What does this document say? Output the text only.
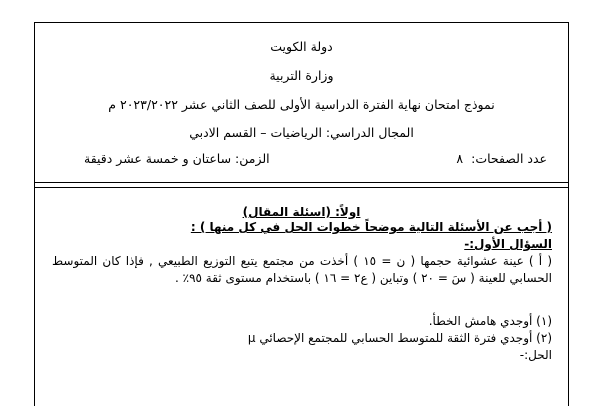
دولة الكويت
وزارة التربية
نموذج امتحان نهاية الفترة الدراسية الأولى للصف الثاني عشر ٢٠٢٣/٢٠٢٢ م
المجال الدراسي: الرياضيات – القسم الادبي
عدد الصفحات:٨
الزمن: ساعتان و خمسة عشر دقيقة
اولاً: (اسئلة المقال)
( أجب عن الأسئلة التالية موضحاً خطوات الحل في كل منها ) :
السؤال الأول:-
( أ ) عينة عشوائية حجمها ( ن = ١٥ ) أخذت من مجتمع يتبع التوزيع الطبيعي , فإذا كان المتوسط
الحسابي للعينة ( سَ = ٢٠ ) وتباين ( ع٢ = ١٦ ) باستخدام مستوى ثقة ٩٥٪ .
(١) أوجدي هامش الخطأ.
(٢) أوجدي فترة الثقة للمتوسط الحسابي للمجتمع الإحصائي μ
الحل:-
